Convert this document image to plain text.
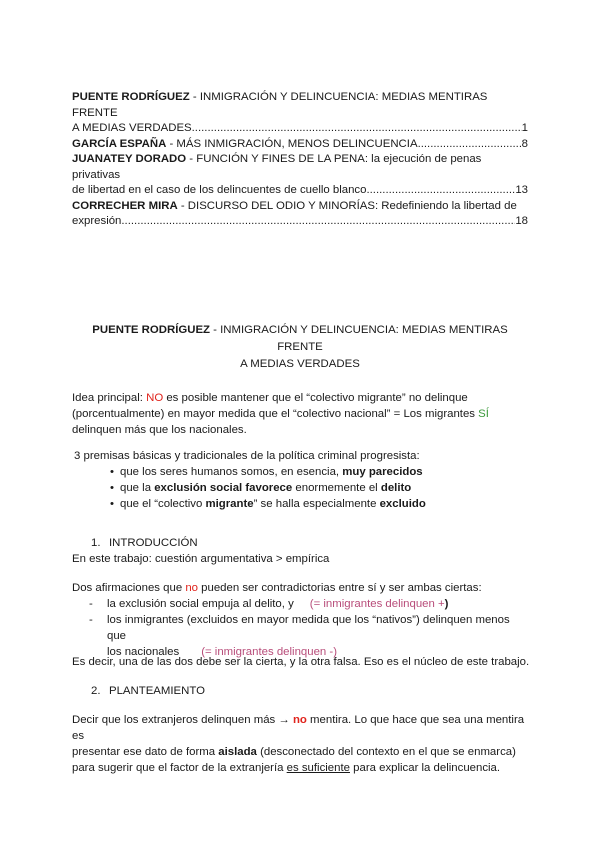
PUENTE RODRÍGUEZ - INMIGRACIÓN Y DELINCUENCIA: MEDIAS MENTIRAS FRENTE
A MEDIAS VERDADES .....	1
GARCÍA ESPAÑA - MÁS INMIGRACIÓN, MENOS DELINCUENCIA .....	8
JUANATEY DORADO - FUNCIÓN Y FINES DE LA PENA: la ejecución de penas privativas
de libertad en el caso de los delincuentes de cuello blanco .....	13
CORRECHER MIRA - DISCURSO DEL ODIO Y MINORÍAS: Redefiniendo la libertad de
expresión .....	18
PUENTE RODRÍGUEZ - INMIGRACIÓN Y DELINCUENCIA: MEDIAS MENTIRAS FRENTE
A MEDIAS VERDADES
Idea principal: NO es posible mantener que el “colectivo migrante” no delinque
(porcentualmente) en mayor medida que el “colectivo nacional” = Los migrantes SÍ
delinquen más que los nacionales.
3 premisas básicas y tradicionales de la política criminal progresista:
• que los seres humanos somos, en esencia, muy parecidos
• que la exclusión social favorece enormemente el delito
• que el “colectivo migrante” se halla especialmente excluido
1. INTRODUCCIÓN
En este trabajo: cuestión argumentativa > empírica
Dos afirmaciones que no pueden ser contradictorias entre sí y ser ambas ciertas:
- la exclusión social empuja al delito, y (= inmigrantes delinquen +)
- los inmigrantes (excluidos en mayor medida que los “nativos”) delinquen menos que
los nacionales (= inmigrantes delinquen -)
Es decir, una de las dos debe ser la cierta, y la otra falsa. Eso es el núcleo de este trabajo.
2. PLANTEAMIENTO
Decir que los extranjeros delinquen más → no mentira. Lo que hace que sea una mentira es
presentar ese dato de forma aislada (desconectado del contexto en el que se enmarca)
para sugerir que el factor de la extranjería es suficiente para explicar la delincuencia.
